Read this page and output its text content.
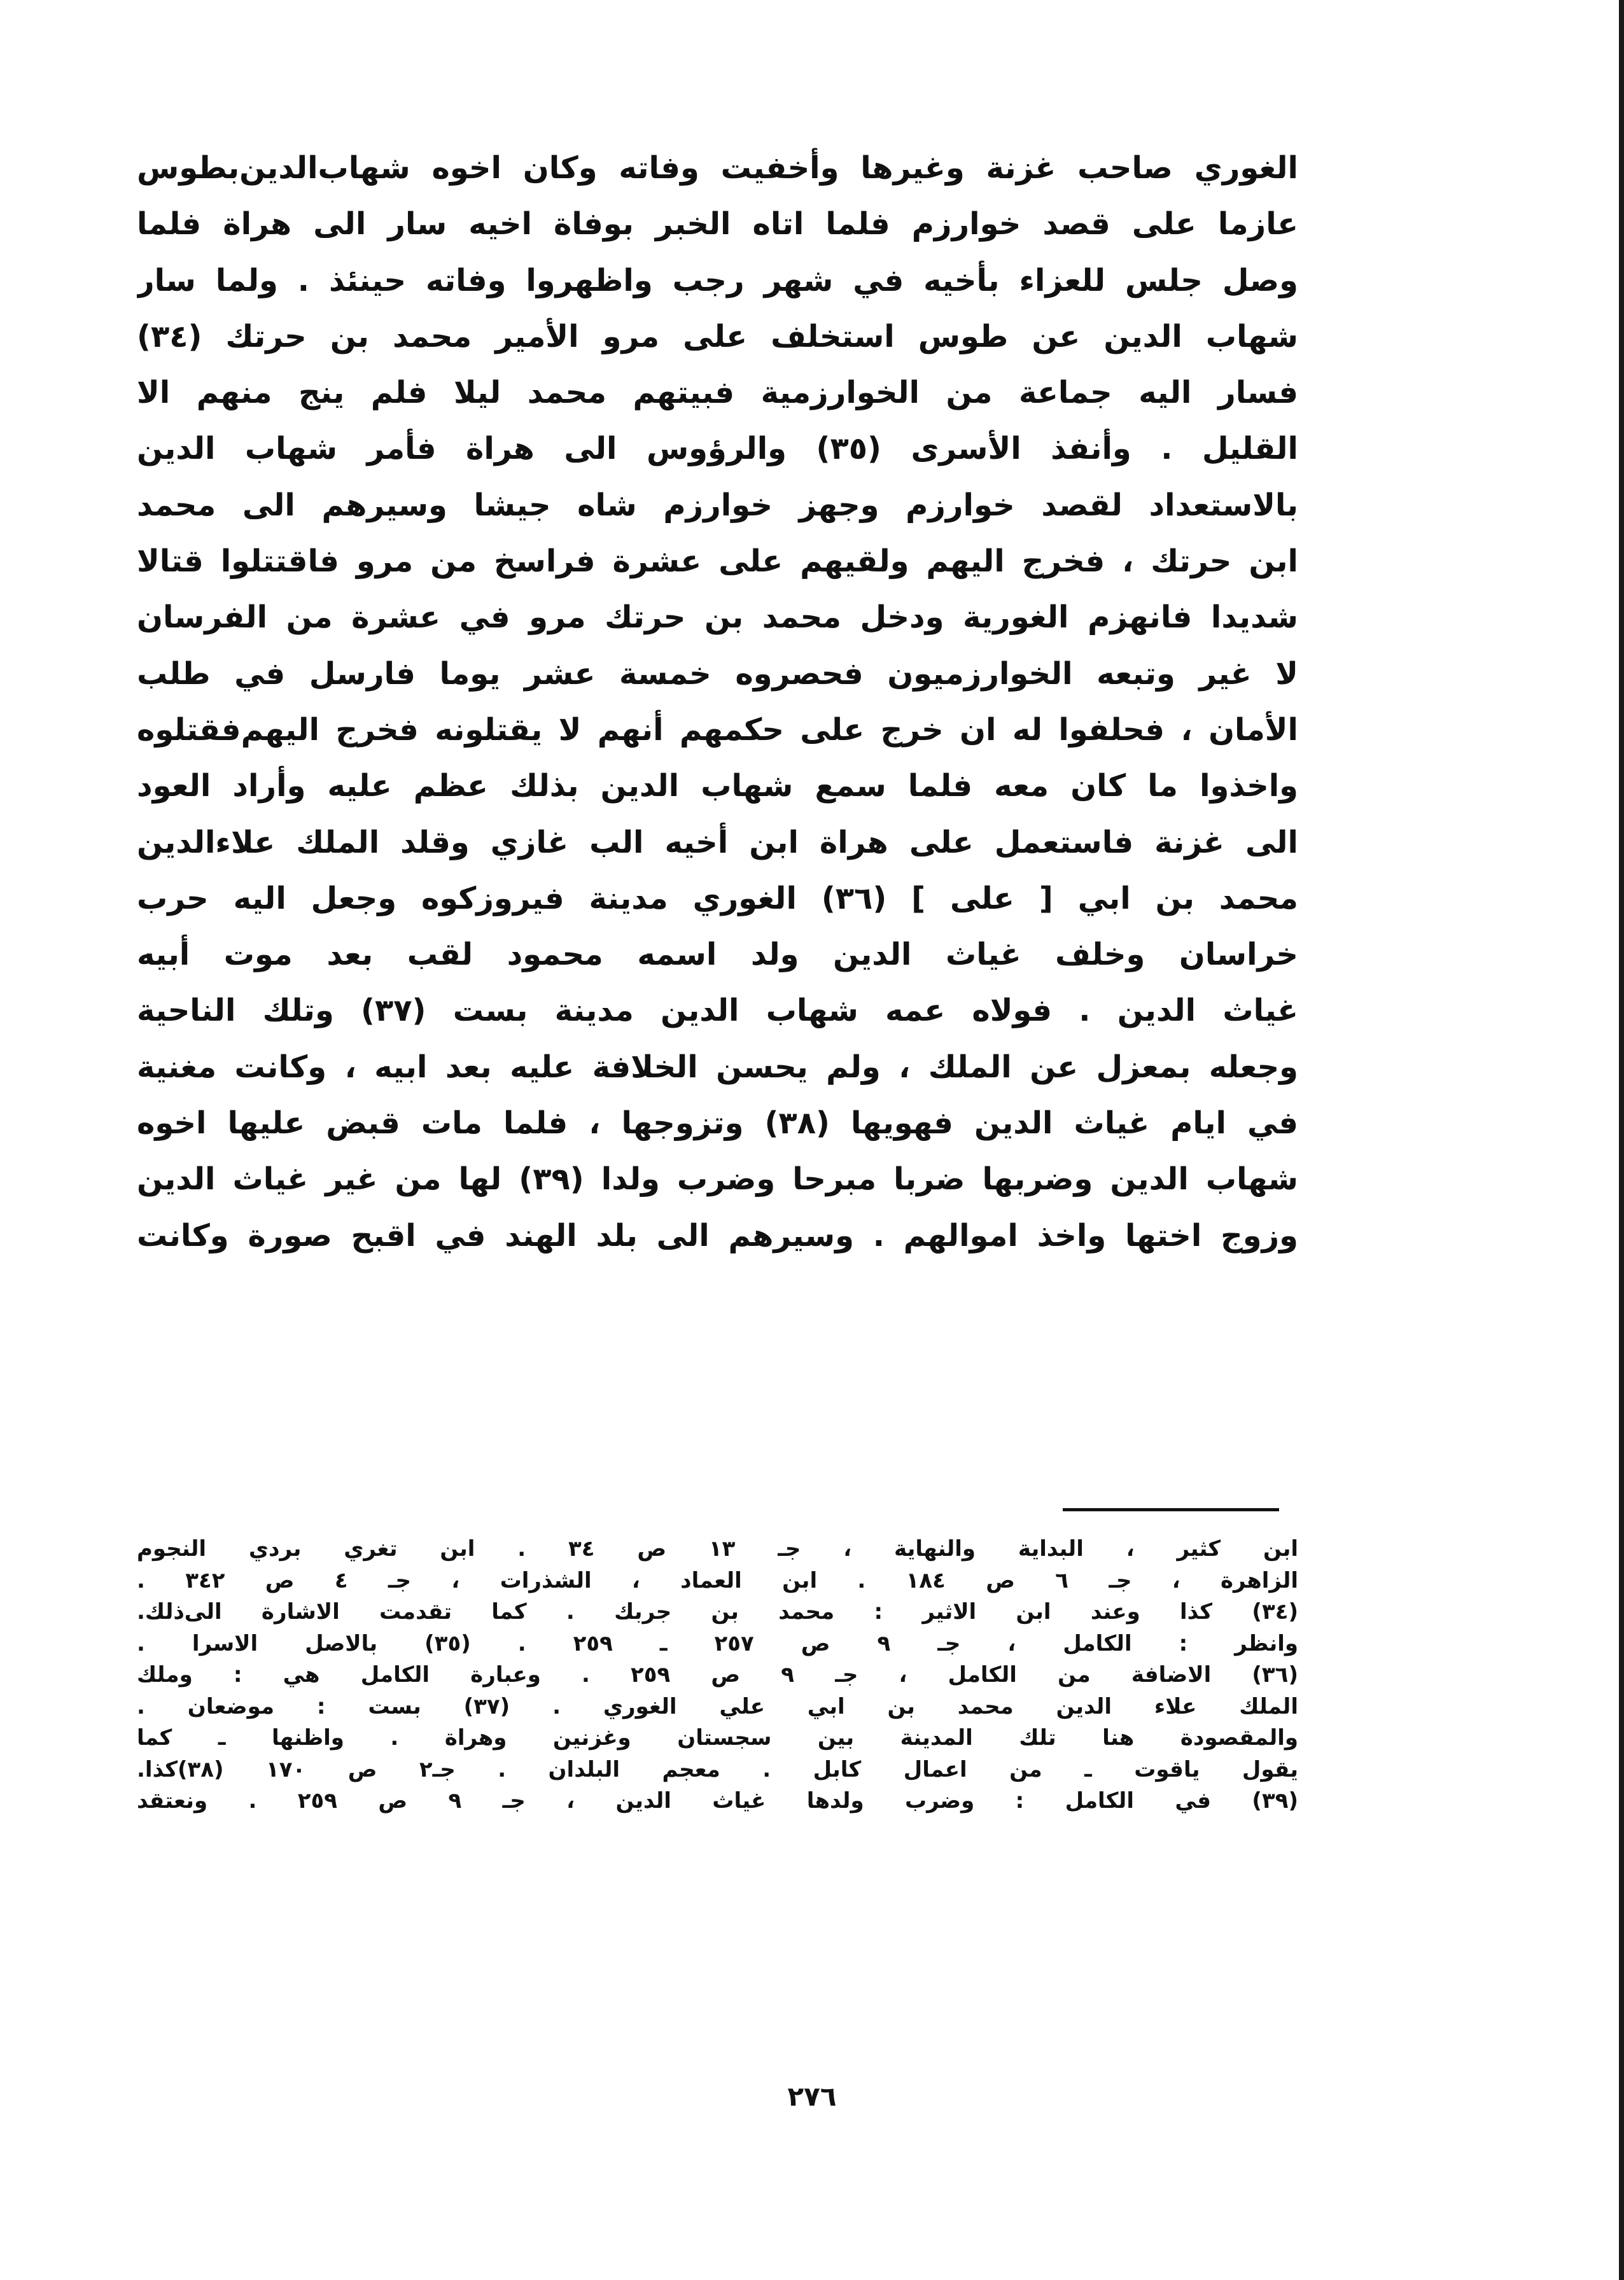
الغوري صاحب غزنة وغيرها وأخفيت وفاته وكان اخوه شهاب‌الدين‌بطوس
عازما على قصد خوارزم فلما اتاه الخبر بوفاة اخيه سار الى هراة فلما
وصل جلس للعزاء بأخيه في شهر رجب واظهروا وفاته حينئذ . ولما سار
شهاب الدين عن طوس استخلف على مرو الأمير محمد بن حرتك (٣٤)
فسار اليه جماعة من الخوارزمية فبيتهم محمد ليلا فلم ينج منهم الا
القليل . وأنفذ الأسرى (٣٥) والرؤوس الى هراة فأمر شهاب الدين
بالاستعداد لقصد خوارزم وجهز خوارزم شاه جيشا وسيرهم الى محمد
ابن حرتك ، فخرج اليهم ولقيهم على عشرة فراسخ من مرو فاقتتلوا قتالا
شديدا فانهزم الغورية ودخل محمد بن حرتك مرو في عشرة من الفرسان
لا غير وتبعه الخوارزميون فحصروه خمسة عشر يوما فارسل في طلب
الأمان ، فحلفوا له ان خرج على حكمهم أنهم لا يقتلونه فخرج اليهم‌فقتلوه
واخذوا ما كان معه فلما سمع شهاب الدين بذلك عظم عليه وأراد العود
الى غزنة فاستعمل على هراة ابن أخيه الب غازي وقلد الملك علاءالدين
محمد بن ابي [ على ] (٣٦) الغوري مدينة فيروزكوه وجعل اليه حرب
خراسان وخلف غياث الدين ولد اسمه محمود لقب بعد موت أبيه
غياث الدين . فولاه عمه شهاب الدين مدينة بست (٣٧) وتلك الناحية
وجعله بمعزل عن الملك ، ولم يحسن الخلافة عليه بعد ابيه ، وكانت مغنية
في ايام غياث الدين فهويها (٣٨) وتزوجها ، فلما مات قبض عليها اخوه
شهاب الدين وضربها ضربا مبرحا وضرب ولدا (٣٩) لها من غير غياث الدين
وزوج اختها واخذ اموالهم . وسيرهم الى بلد الهند في اقبح صورة وكانت
ابن كثير ، البداية والنهاية ، جـ ١٣ ص ٣٤ . ابن تغري بردي النجوم
الزاهرة ، جـ ٦ ص ١٨٤ . ابن العماد ، الشذرات ، جـ ٤ ص ٣٤٢ .
(٣٤) كذا وعند ابن الاثير : محمد بن جربك . كما تقدمت الاشارة الى‌ذلك.
وانظر : الكامل ، جـ ٩ ص ٢٥٧ ـ ٢٥٩ . (٣٥) بالاصل الاسرا .
(٣٦) الاضافة من الكامل ، جـ ٩ ص ٢٥٩ . وعبارة الكامل هي : وملك
الملك علاء الدين محمد بن ابي علي الغوري . (٣٧) بست : موضعان .
والمقصودة هنا تلك المدينة بين سجستان وغزنين وهراة . واظنها ـ كما
يقول ياقوت ـ من اعمال كابل . معجم البلدان . جـ٢ ص ١٧٠ (٣٨)كذا.
(٣٩) في الكامل : وضرب ولدها غياث الدين ، جـ ٩ ص ٢٥٩ . ونعتقد
٢٧٦
